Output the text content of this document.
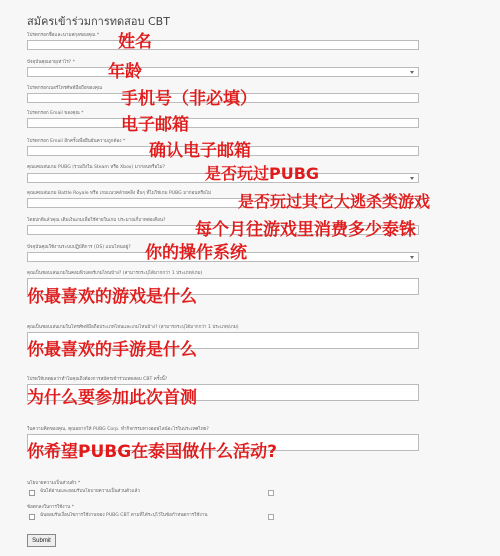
สมัครเข้าร่วมการทดสอบ CBT
โปรดกรอกชื่อและนามสกุลของคุณ * 姓名
ปัจจุบันคุณอายุเท่าไร? * 年龄
โปรดกรอกเบอร์โทรศัพท์มือถือของคุณ
手机号（非必填）
โปรดกรอก Email ของคุณ *
电子邮箱
โปรดกรอก Email อีกครั้งเพื่อยืนยันความถูกต้อง * 确认电子邮箱
คุณเคยเล่นเกม PUBG (รวมถึงใน Steam หรือ Xbox) มาก่อนหรือไม่? 是否玩过PUBG
คุณเคยเล่นเกม Battle Royale หรือ เกมแนวคล้ายคลึง อื่นๆ ที่ไม่ใช่เกม PUBG มาก่อนหรือไม่ 是否玩过其它大逃杀类游戏
โดยปกติแล้วคุณ เติมเงินเกมเพื่อใช้จ่ายในเกม ประมาณกี่บาทต่อเดือน? 每个月往游戏里消费多少泰铢
ปัจจุบันคุณใช้งานระบบปฏิบัติการ (OS) แบบไหนอยู่? 你的操作系统
คุณเป็นชอบเล่นเกมในคอมพิวเตอร์เกมไหนบ้าง? (สามารถระบุได้มากกว่า 1 ประเภท/เกม)
你最喜欢的游戏是什么
คุณเป็นชอบเล่นเกมในโทรศัพท์มือถือประเภทไหนและเกมไหนบ้าง? (สามารถระบุได้มากกว่า 1 ประเภท/เกม)
你最喜欢的手游是什么
โปรดให้เหตุผลว่าทำไมคุณถึงต้องการสมัครเข้าร่วมทดสอบ CBT ครั้งนี้?
为什么要参加此次首测
ในความคิดของคุณ, คุณอยากให้ PUBG Corp. ทำกิจกรรมทางออฟไลน์อะไรในประเทศไทย?
你希望PUBG在泰国做什么活动?
นโยบายความเป็นส่วนตัว *
ฉันได้อ่านและยอมรับนโยบายความเป็นส่วนตัวแล้ว
ข้อตกลงในการใช้งาน *
ฉันยอมรับเงื่อนไขการใช้งานของ PUBG CBT ตามที่ได้ระบุไว้ในข้อกำหนดการใช้งาน
Submit
